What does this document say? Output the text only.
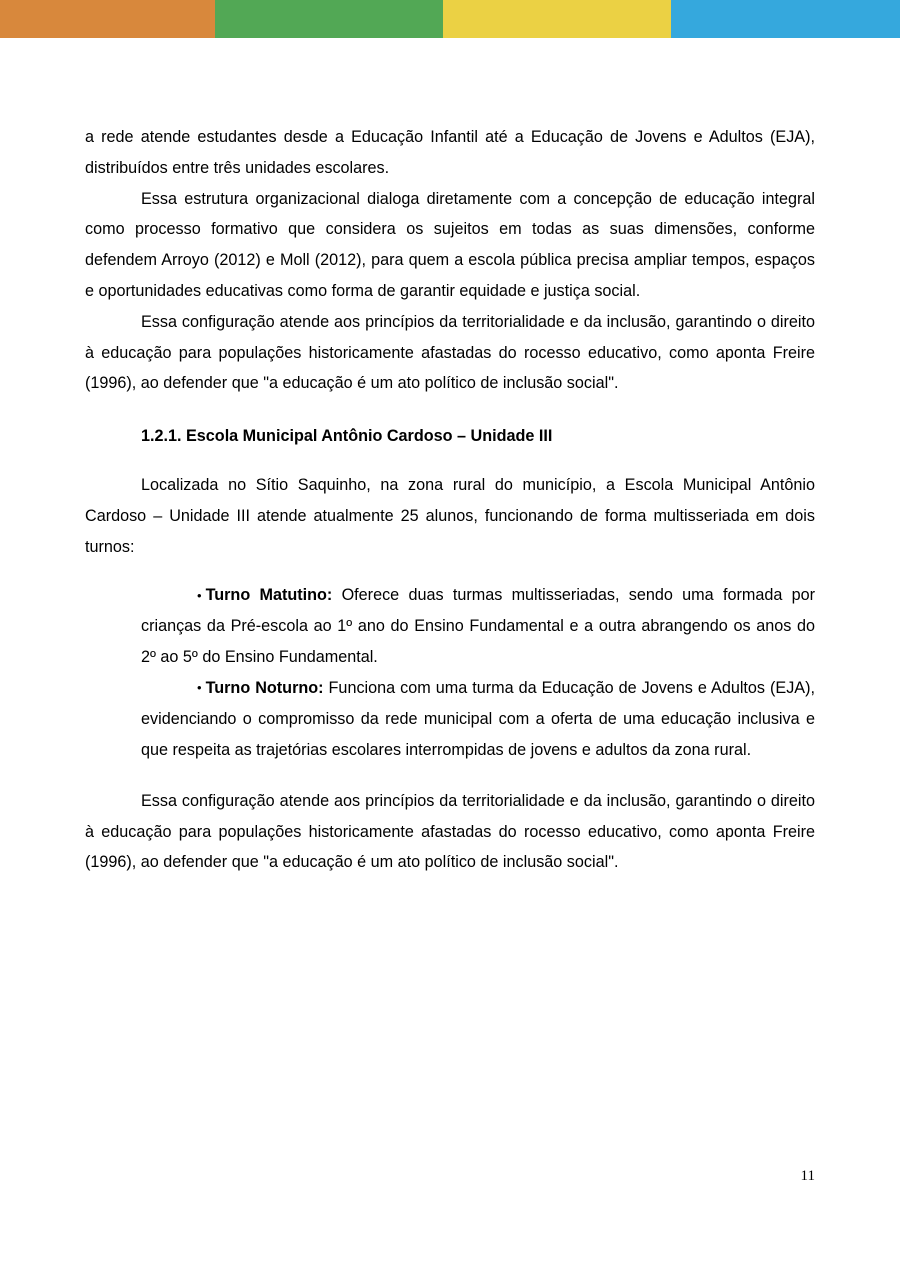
a rede atende estudantes desde a Educação Infantil até a Educação de Jovens e Adultos (EJA), distribuídos entre três unidades escolares.

Essa estrutura organizacional dialoga diretamente com a concepção de educação integral como processo formativo que considera os sujeitos em todas as suas dimensões, conforme defendem Arroyo (2012) e Moll (2012), para quem a escola pública precisa ampliar tempos, espaços e oportunidades educativas como forma de garantir equidade e justiça social.

Essa configuração atende aos princípios da territorialidade e da inclusão, garantindo o direito à educação para populações historicamente afastadas do rocesso educativo, como aponta Freire (1996), ao defender que "a educação é um ato político de inclusão social".

1.2.1. Escola Municipal Antônio Cardoso – Unidade III

Localizada no Sítio Saquinho, na zona rural do município, a Escola Municipal Antônio Cardoso – Unidade III atende atualmente 25 alunos, funcionando de forma multisseriada em dois turnos:

• Turno Matutino: Oferece duas turmas multisseriadas, sendo uma formada por crianças da Pré-escola ao 1º ano do Ensino Fundamental e a outra abrangendo os anos do 2º ao 5º do Ensino Fundamental.

• Turno Noturno: Funciona com uma turma da Educação de Jovens e Adultos (EJA), evidenciando o compromisso da rede municipal com a oferta de uma educação inclusiva e que respeita as trajetórias escolares interrompidas de jovens e adultos da zona rural.

Essa configuração atende aos princípios da territorialidade e da inclusão, garantindo o direito à educação para populações historicamente afastadas do rocesso educativo, como aponta Freire (1996), ao defender que "a educação é um ato político de inclusão social".

11
